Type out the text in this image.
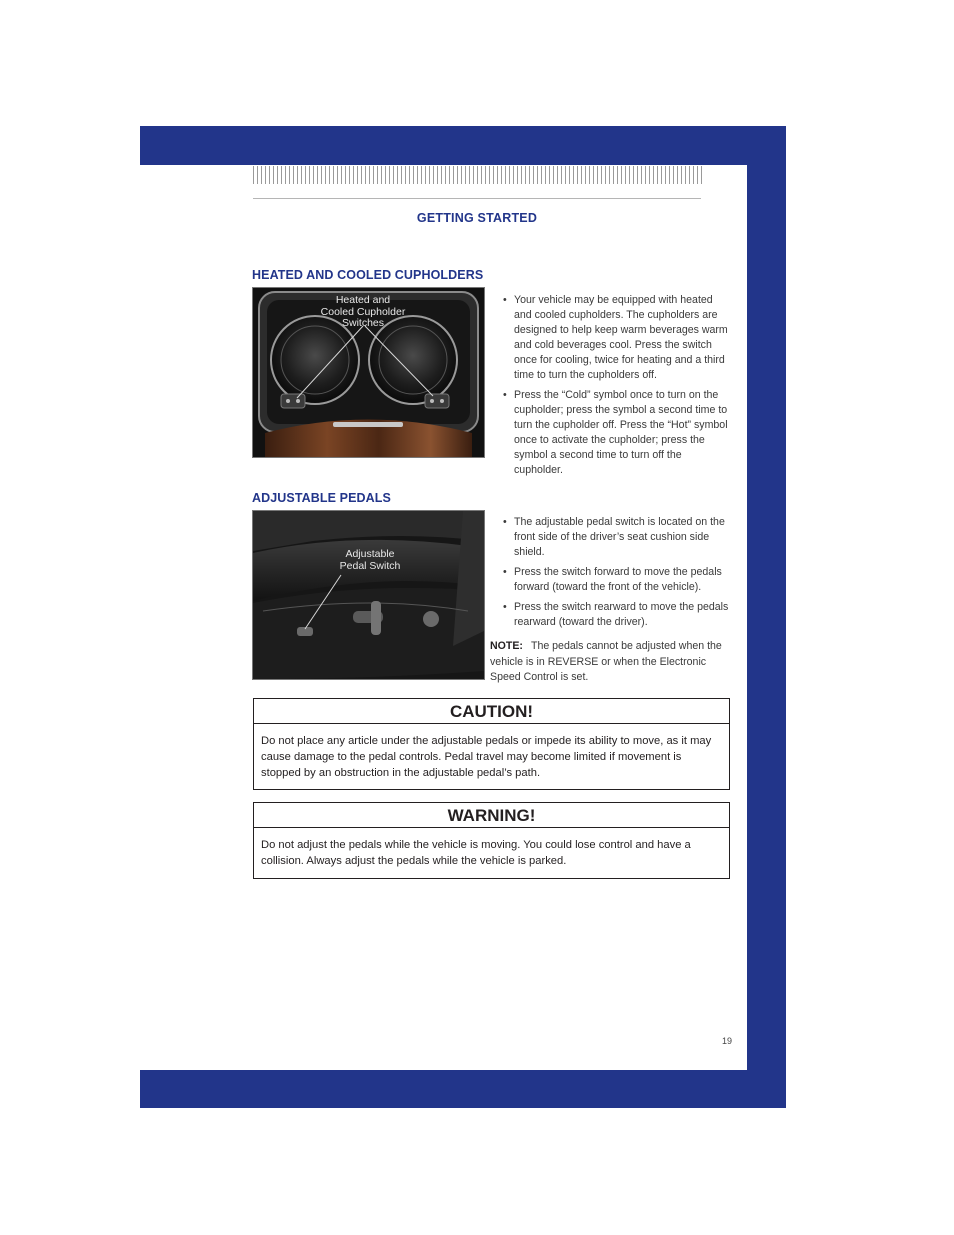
GETTING STARTED
HEATED AND COOLED CUPHOLDERS
Heated and
Cooled Cupholder
Switches
• Your vehicle may be equipped with heated and cooled cupholders. The cupholders are designed to help keep warm beverages warm and cold beverages cool. Press the switch once for cooling, twice for heating and a third time to turn the cupholders off.
• Press the “Cold” symbol once to turn on the cupholder; press the symbol a second time to turn the cupholder off. Press the “Hot” symbol once to activate the cupholder; press the symbol a second time to turn off the cupholder.
ADJUSTABLE PEDALS
Adjustable
Pedal Switch
• The adjustable pedal switch is located on the front side of the driver’s seat cushion side shield.
• Press the switch forward to move the pedals forward (toward the front of the vehicle).
• Press the switch rearward to move the pedals rearward (toward the driver).
NOTE: The pedals cannot be adjusted when the vehicle is in REVERSE or when the Electronic Speed Control is set.
CAUTION!
Do not place any article under the adjustable pedals or impede its ability to move, as it may cause damage to the pedal controls. Pedal travel may become limited if movement is stopped by an obstruction in the adjustable pedal’s path.
WARNING!
Do not adjust the pedals while the vehicle is moving. You could lose control and have a collision. Always adjust the pedals while the vehicle is parked.
19
